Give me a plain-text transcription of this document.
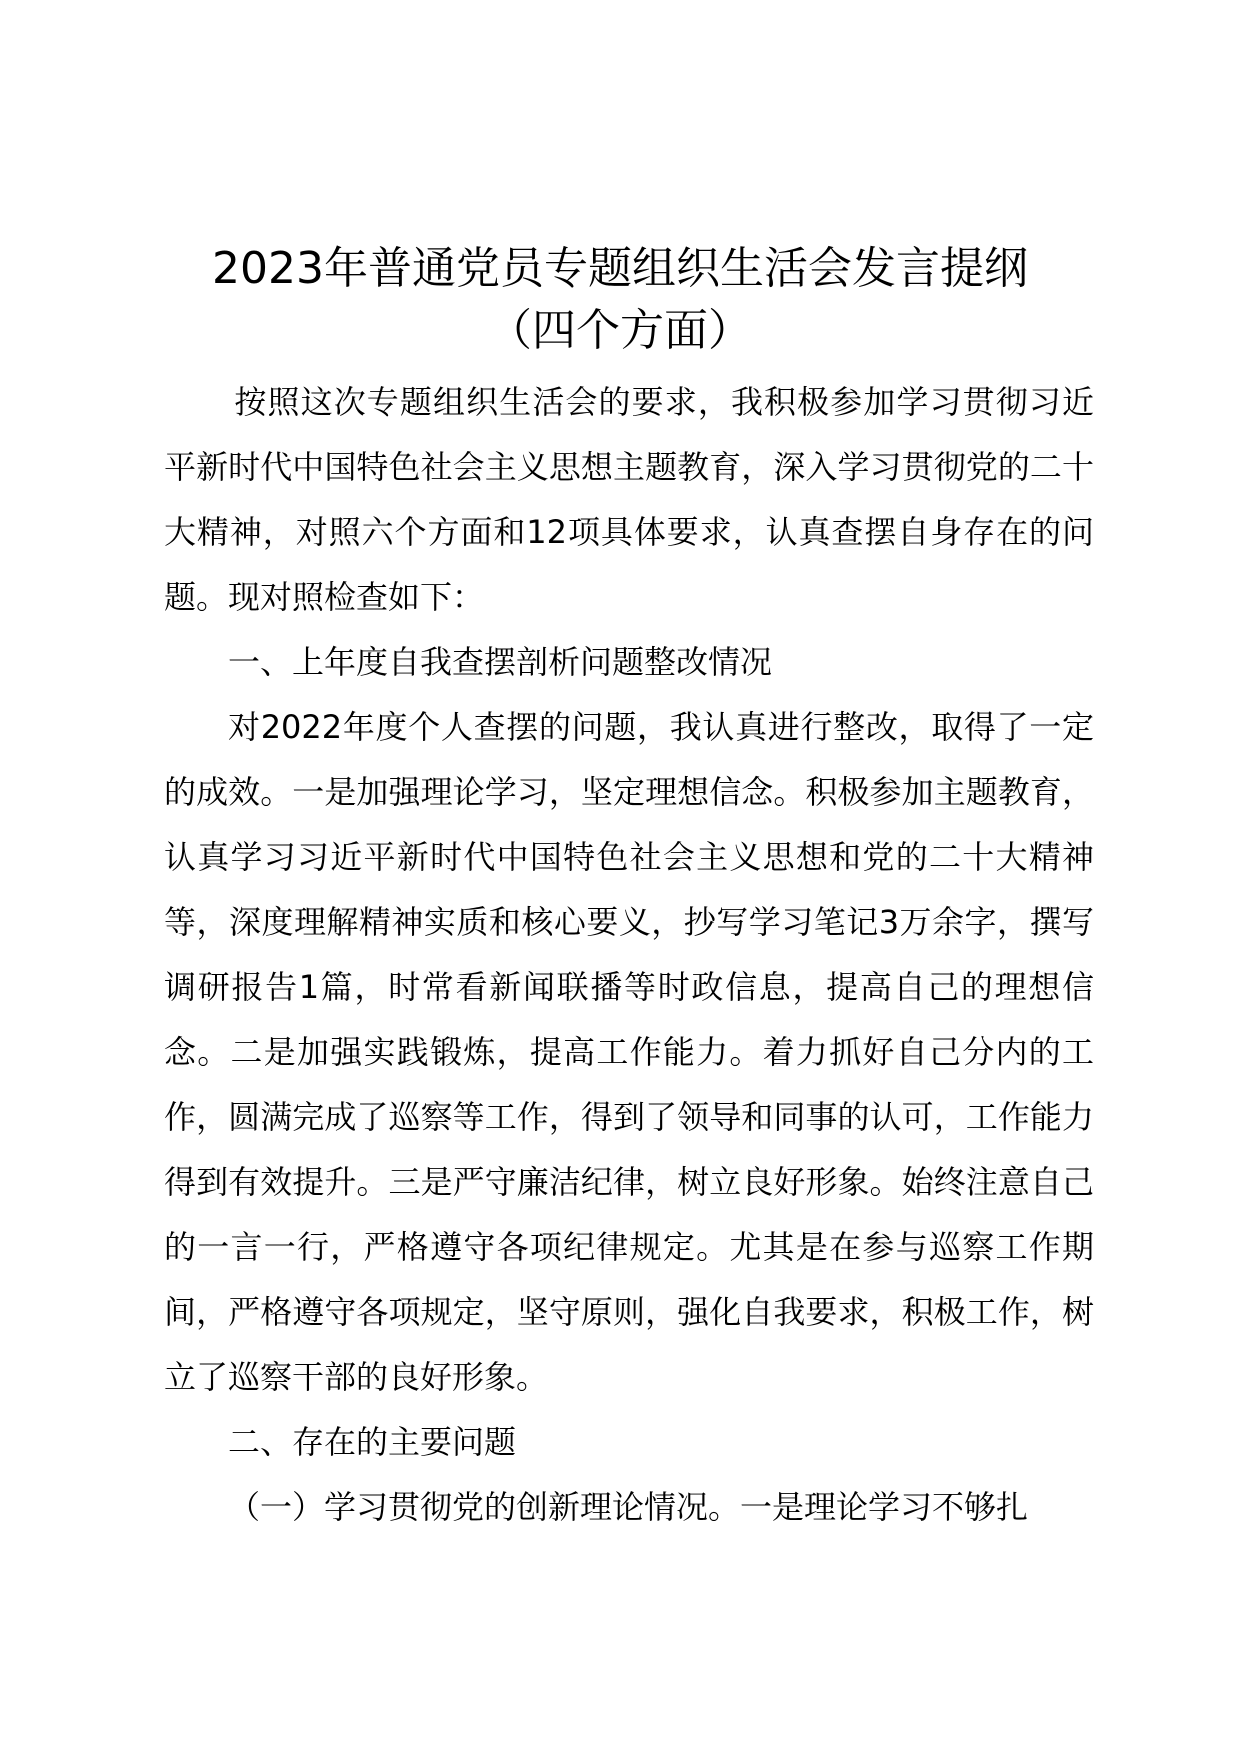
2023年普通党员专题组织生活会发言提纲
（四个方面）

按照这次专题组织生活会的要求，我积极参加学习贯彻习近平新时代中国特色社会主义思想主题教育，深入学习贯彻党的二十大精神，对照六个方面和12项具体要求，认真查摆自身存在的问题。现对照检查如下：

一、上年度自我查摆剖析问题整改情况

对2022年度个人查摆的问题，我认真进行整改，取得了一定的成效。一是加强理论学习，坚定理想信念。积极参加主题教育，认真学习习近平新时代中国特色社会主义思想和党的二十大精神等，深度理解精神实质和核心要义，抄写学习笔记3万余字，撰写调研报告1篇，时常看新闻联播等时政信息，提高自己的理想信念。二是加强实践锻炼，提高工作能力。着力抓好自己分内的工作，圆满完成了巡察等工作，得到了领导和同事的认可，工作能力得到有效提升。三是严守廉洁纪律，树立良好形象。始终注意自己的一言一行，严格遵守各项纪律规定。尤其是在参与巡察工作期间，严格遵守各项规定，坚守原则，强化自我要求，积极工作，树立了巡察干部的良好形象。

二、存在的主要问题

（一）学习贯彻党的创新理论情况。一是理论学习不够扎
